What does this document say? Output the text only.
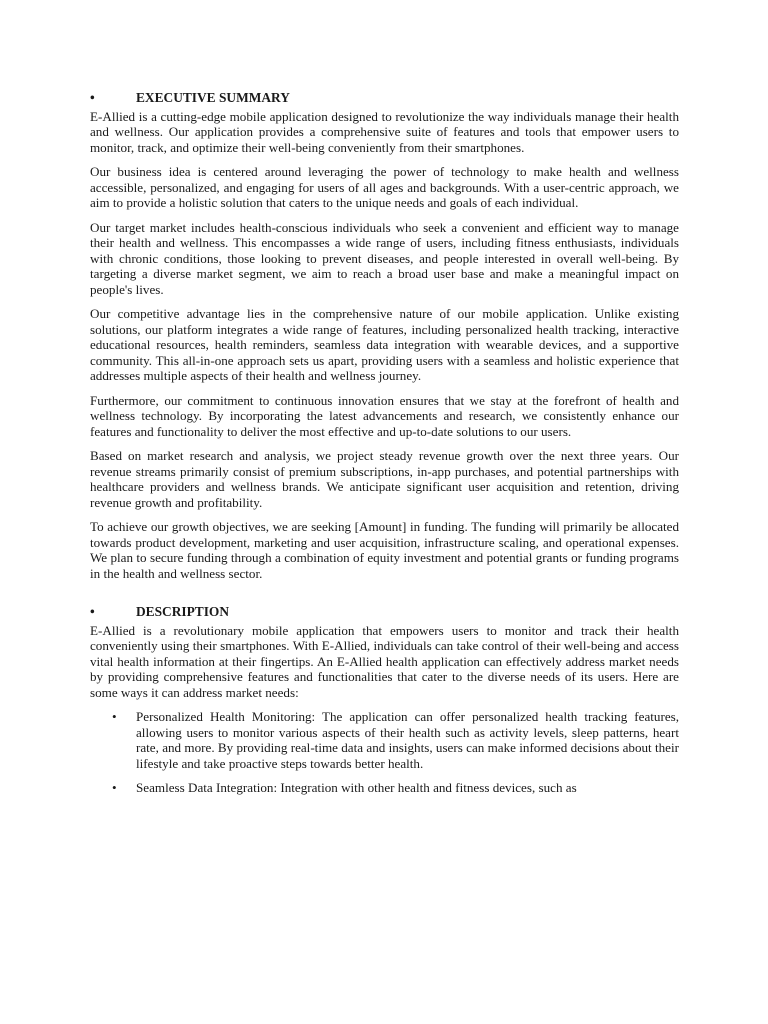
•	EXECUTIVE SUMMARY

E-Allied is a cutting-edge mobile application designed to revolutionize the way individuals manage their health and wellness. Our application provides a comprehensive suite of features and tools that empower users to monitor, track, and optimize their well-being conveniently from their smartphones.

Our business idea is centered around leveraging the power of technology to make health and wellness accessible, personalized, and engaging for users of all ages and backgrounds. With a user-centric approach, we aim to provide a holistic solution that caters to the unique needs and goals of each individual.

Our target market includes health-conscious individuals who seek a convenient and efficient way to manage their health and wellness. This encompasses a wide range of users, including fitness enthusiasts, individuals with chronic conditions, those looking to prevent diseases, and people interested in overall well-being. By targeting a diverse market segment, we aim to reach a broad user base and make a meaningful impact on people's lives.

Our competitive advantage lies in the comprehensive nature of our mobile application. Unlike existing solutions, our platform integrates a wide range of features, including personalized health tracking, interactive educational resources, health reminders, seamless data integration with wearable devices, and a supportive community. This all-in-one approach sets us apart, providing users with a seamless and holistic experience that addresses multiple aspects of their health and wellness journey.

Furthermore, our commitment to continuous innovation ensures that we stay at the forefront of health and wellness technology. By incorporating the latest advancements and research, we consistently enhance our features and functionality to deliver the most effective and up-to-date solutions to our users.

Based on market research and analysis, we project steady revenue growth over the next three years. Our revenue streams primarily consist of premium subscriptions, in-app purchases, and potential partnerships with healthcare providers and wellness brands. We anticipate significant user acquisition and retention, driving revenue growth and profitability.

To achieve our growth objectives, we are seeking [Amount] in funding. The funding will primarily be allocated towards product development, marketing and user acquisition, infrastructure scaling, and operational expenses. We plan to secure funding through a combination of equity investment and potential grants or funding programs in the health and wellness sector.

•	DESCRIPTION

E-Allied is a revolutionary mobile application that empowers users to monitor and track their health conveniently using their smartphones. With E-Allied, individuals can take control of their well-being and access vital health information at their fingertips. An E-Allied health application can effectively address market needs by providing comprehensive features and functionalities that cater to the diverse needs of its users. Here are some ways it can address market needs:

•	Personalized Health Monitoring: The application can offer personalized health tracking features, allowing users to monitor various aspects of their health such as activity levels, sleep patterns, heart rate, and more. By providing real-time data and insights, users can make informed decisions about their lifestyle and take proactive steps towards better health.
•	Seamless Data Integration: Integration with other health and fitness devices, such as
